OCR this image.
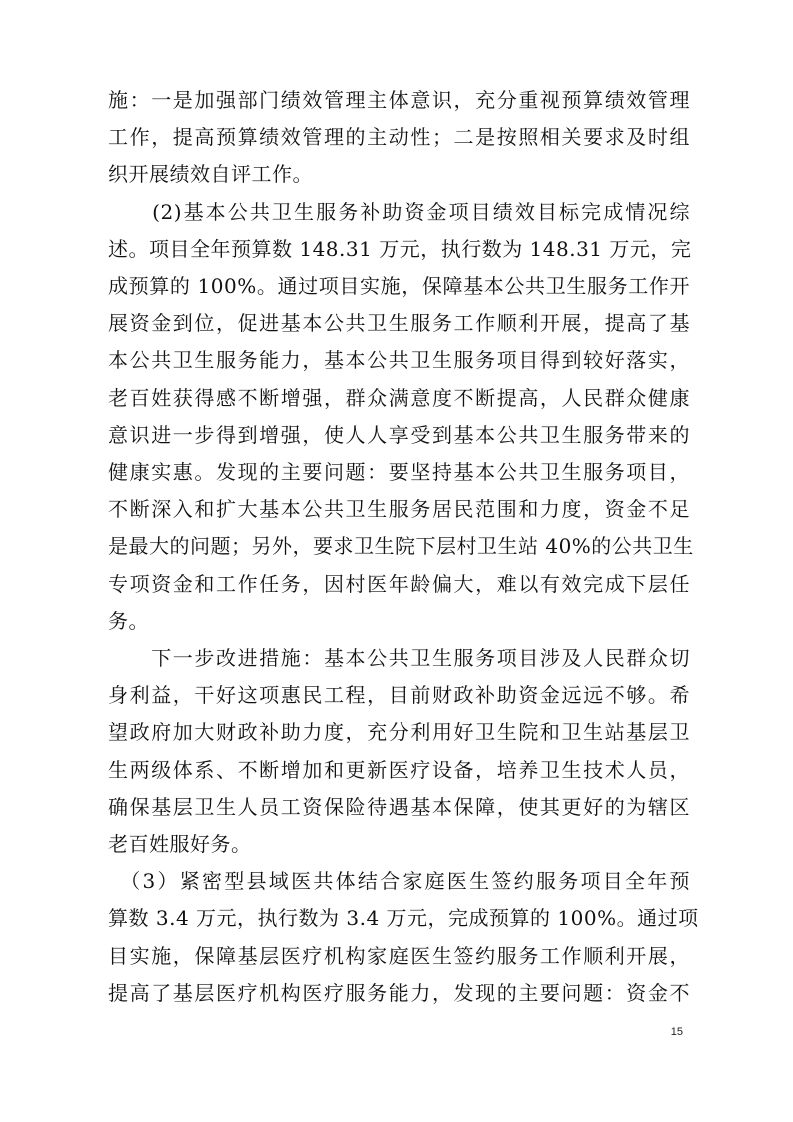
施：一是加强部门绩效管理主体意识，充分重视预算绩效管理
工作，提高预算绩效管理的主动性；二是按照相关要求及时组
织开展绩效自评工作。
　　(2)基本公共卫生服务补助资金项目绩效目标完成情况综
述。项目全年预算数 148.31 万元，执行数为 148.31 万元，完
成预算的 100%。通过项目实施，保障基本公共卫生服务工作开
展资金到位，促进基本公共卫生服务工作顺利开展，提高了基
本公共卫生服务能力，基本公共卫生服务项目得到较好落实，
老百姓获得感不断增强，群众满意度不断提高，人民群众健康
意识进一步得到增强，使人人享受到基本公共卫生服务带来的
健康实惠。发现的主要问题：要坚持基本公共卫生服务项目，
不断深入和扩大基本公共卫生服务居民范围和力度，资金不足
是最大的问题；另外，要求卫生院下层村卫生站 40%的公共卫生
专项资金和工作任务，因村医年龄偏大，难以有效完成下层任
务。
　　下一步改进措施：基本公共卫生服务项目涉及人民群众切
身利益，干好这项惠民工程，目前财政补助资金远远不够。希
望政府加大财政补助力度，充分利用好卫生院和卫生站基层卫
生两级体系、不断增加和更新医疗设备，培养卫生技术人员，
确保基层卫生人员工资保险待遇基本保障，使其更好的为辖区
老百姓服好务。
　（3）紧密型县域医共体结合家庭医生签约服务项目全年预
算数 3.4 万元，执行数为 3.4 万元，完成预算的 100%。通过项
目实施，保障基层医疗机构家庭医生签约服务工作顺利开展，
提高了基层医疗机构医疗服务能力，发现的主要问题：资金不
15
